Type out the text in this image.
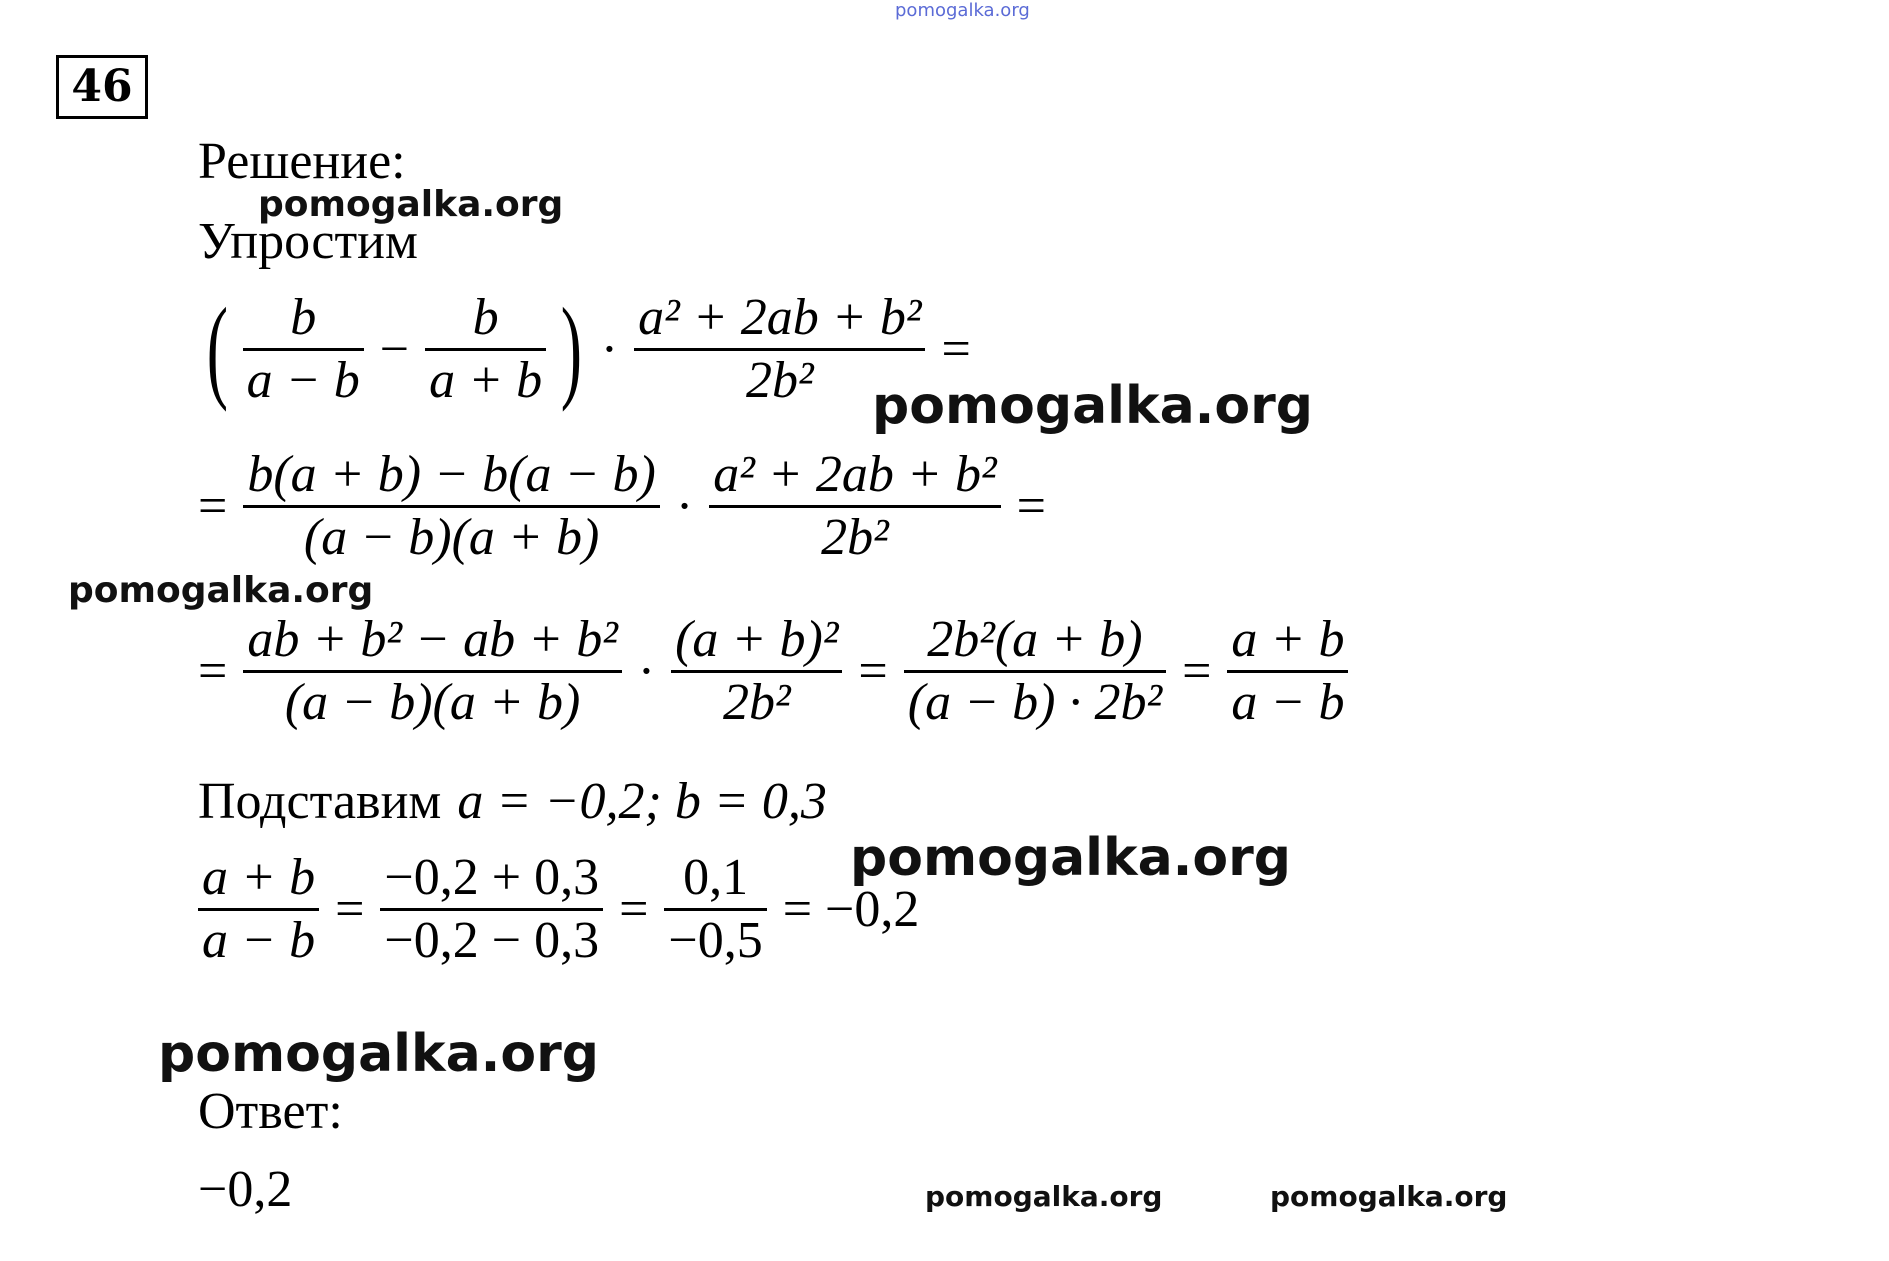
pomogalka.org
46
Решение:
pomogalka.org
Упростим
( $\frac{b}{a - b} - \frac{b}{a + b}$ ) · $\frac{\text{a² + 2ab + b²}}{\text{2b²}}$ =
pomogalka.org
= $\frac{b(a + b) - b(a - b)}{(a - b)(a + b)} \cdot \frac{\text{a² + 2ab + b²}}{\text{2b²}}$ =
pomogalka.org
= $\frac{\text{ab + b² − ab + b²}}{(a - b)(a + b)} \cdot \frac{\text{(a + b)²}}{\text{2b²}} = \frac{\text{2b²(a + b)}}{\text{(a − b) · 2b²}} = \frac{a + b}{a - b}$
Подставим a = −0,2; b = 0,3
pomogalka.org
$\frac{a + b}{a - b} = \frac{-0,2 + 0,3}{-0,2 - 0,3} = \frac{0,1}{-0,5} = -0,2$
pomogalka.org
Ответ:
−0,2	pomogalka.org	pomogalka.org
